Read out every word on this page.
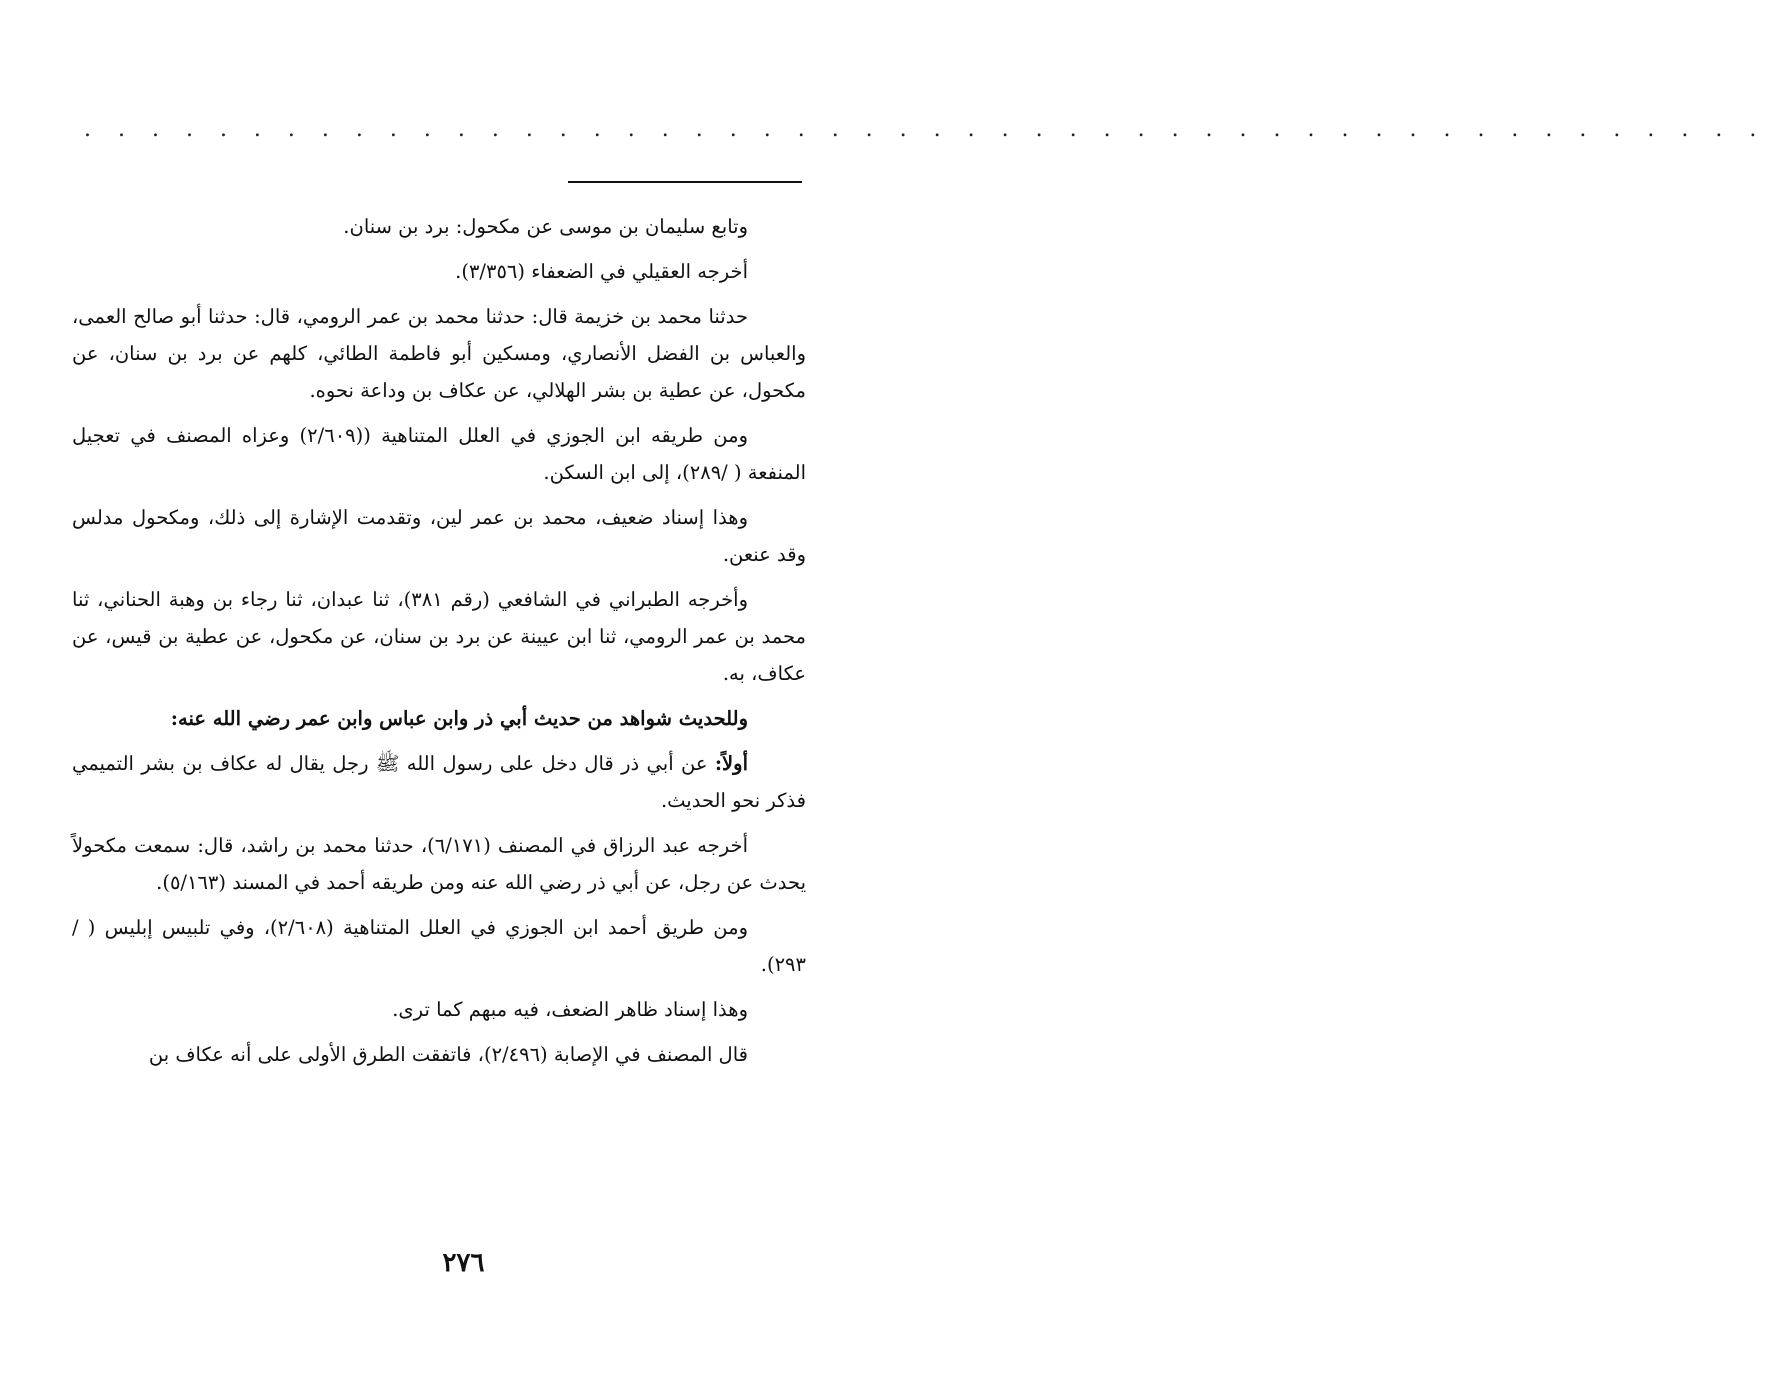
. . . . . . . . . . . . . . . . . . . . . . . . . . . . . . . . . . . . . . . . . . . . . . . . . .

وتابع سليمان بن موسى عن مكحول: برد بن سنان.

أخرجه العقيلي في الضعفاء (٣/٣٥٦).

حدثنا محمد بن خزيمة قال: حدثنا محمد بن عمر الرومي، قال: حدثنا أبو صالح العمى، والعباس بن الفضل الأنصاري، ومسكين أبو فاطمة الطائي، كلهم عن برد بن سنان، عن مكحول، عن عطية بن بشر الهلالي، عن عكاف بن وداعة نحوه.

ومن طريقه ابن الجوزي في العلل المتناهية ((٢/٦٠٩) وعزاه المصنف في تعجيل المنفعة ( /٢٨٩)، إلى ابن السكن.

وهذا إسناد ضعيف، محمد بن عمر لين، وتقدمت الإشارة إلى ذلك، ومكحول مدلس وقد عنعن.

وأخرجه الطبراني في الشافعي (رقم ٣٨١)، ثنا عبدان، ثنا رجاء بن وهبة الحناني، ثنا محمد بن عمر الرومي، ثنا ابن عيينة عن برد بن سنان، عن مكحول، عن عطية بن قيس، عن عكاف، به.

وللحديث شواهد من حديث أبي ذر وابن عباس وابن عمر رضي الله عنه:

أولاً: عن أبي ذر قال دخل على رسول الله ﷺ رجل يقال له عكاف بن بشر التميمي فذكر نحو الحديث.

أخرجه عبد الرزاق في المصنف (٦/١٧١)، حدثنا محمد بن راشد، قال: سمعت مكحولاً يحدث عن رجل، عن أبي ذر رضي الله عنه ومن طريقه أحمد في المسند (٥/١٦٣).

ومن طريق أحمد ابن الجوزي في العلل المتناهية (٢/٦٠٨)، وفي تلبيس إبليس ( /٢٩٣).

وهذا إسناد ظاهر الضعف، فيه مبهم كما ترى.

قال المصنف في الإصابة (٢/٤٩٦)، فاتفقت الطرق الأولى على أنه عكاف بن

٢٧٦
